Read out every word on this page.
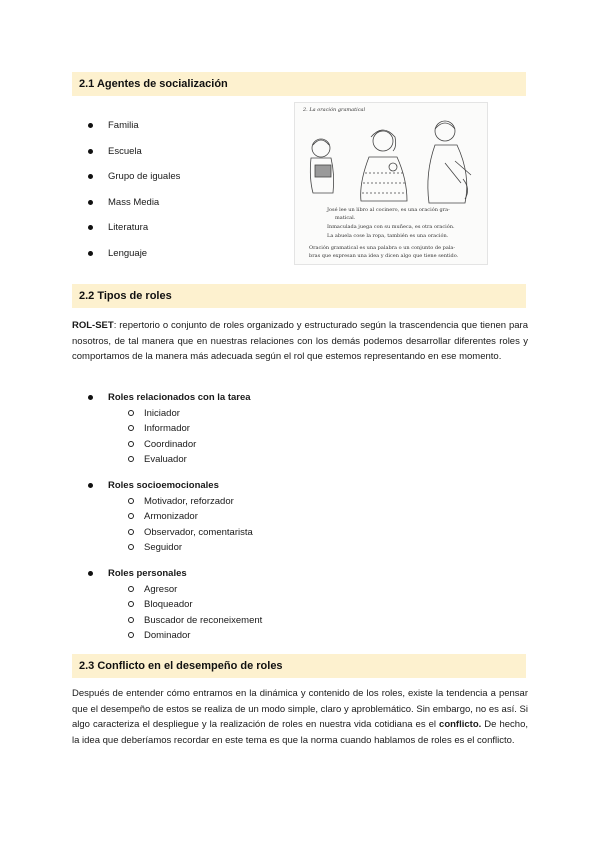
2.1 Agentes de socialización
Familia
Escuela
Grupo de iguales
Mass Media
Literatura
Lenguaje
2. La oración gramatical
José lee un libro al cocinero, es una oración gra-
matical.
Inmaculada juega con su muñeca, es otra oración.
La abuela cose la ropa, también es una oración.
Oración gramatical es una palabra o un conjunto de pala-
bras que expresan una idea y dicen algo que tiene sentido.
2.2 Tipos de roles
ROL-SET: repertorio o conjunto de roles organizado y estructurado según la trascendencia que tienen para nosotros, de tal manera que en nuestras relaciones con los demás podemos desarrollar diferentes roles y comportamos de la manera más adecuada según el rol que estemos representando en ese momento.
Roles relacionados con la tarea
Iniciador
Informador
Coordinador
Evaluador
Roles socioemocionales
Motivador, reforzador
Armonizador
Observador, comentarista
Seguidor
Roles personales
Agresor
Bloqueador
Buscador de reconeixement
Dominador
2.3 Conflicto en el desempeño de roles
Después de entender cómo entramos en la dinámica y contenido de los roles, existe la tendencia a pensar que el desempeño de estos se realiza de un modo simple, claro y aproblemático. Sin embargo, no es así. Si algo caracteriza el despliegue y la realización de roles en nuestra vida cotidiana es el conflicto. De hecho, la idea que deberíamos recordar en este tema es que la norma cuando hablamos de roles es el conflicto.
